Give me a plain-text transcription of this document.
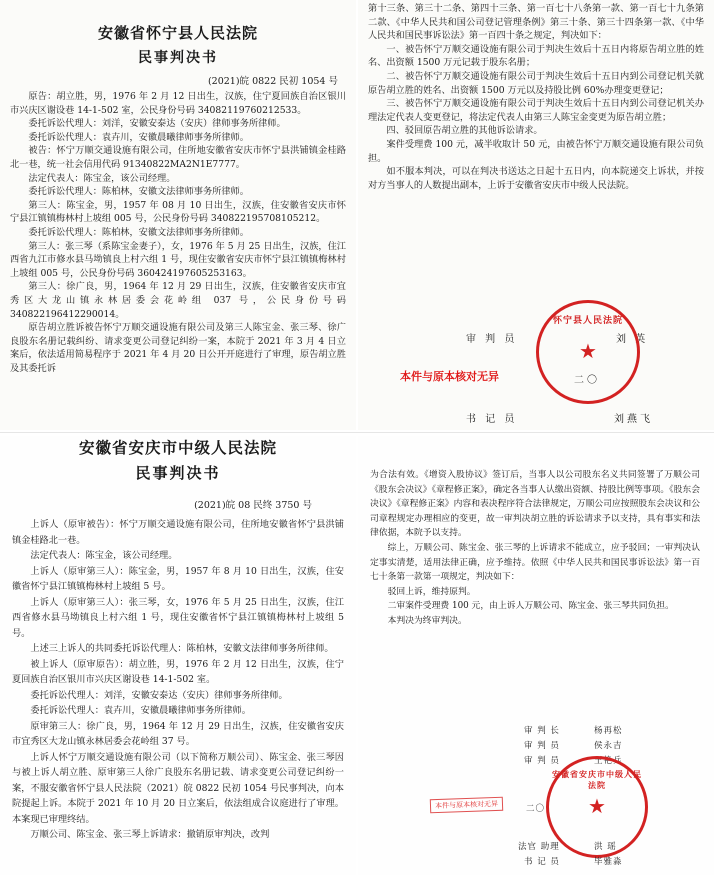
安徽省怀宁县人民法院
民事判决书
(2021)皖 0822 民初 1054 号

原告：胡立胜，男，1976 年 2 月 12 日出生，汉族，住宁夏回族自治区银川市兴庆区谢设巷 14-1-502 室，公民身份号码 34082119760212533。

委托诉讼代理人：刘洋，安徽安泰达（安庆）律师事务所律师。

委托诉讼代理人：袁卉川，安徽晨曦律师事务所律师。

被告：怀宁万顺交通设施有限公司，住所地安徽省安庆市怀宁县洪铺镇金桂路北一巷，统一社会信用代码 91340822MA2N1E7777。

法定代表人：陈宝金，该公司经理。

委托诉讼代理人：陈柏林，安徽文法律师事务所律师。

第三人：陈宝金，男，1957 年 08 月 10 日出生，汉族，住安徽省安庆市怀宁县江镇镇梅林村上坡组 005 号，公民身份号码 340822195708105212。

委托诉讼代理人：陈柏林，安徽文法律师事务所律师。

第三人：张三琴（系陈宝金妻子），女，1976 年 5 月 25 日出生，汉族，住江西省九江市修水县马坳镇良上村六组 1 号，现住安徽省安庆市怀宁县江镇镇梅林村上坡组 005 号，公民身份号码 360424197605253163。

第三人：徐广良，男，1964 年 12 月 29 日出生，汉族，住安徽省安庆市宜秀区大龙山镇永林居委会花岭组 037 号，公民身份号码 340822196412290014。

原告胡立胜诉被告怀宁万顺交通设施有限公司及第三人陈宝金、张三琴、徐广良股东名册记载纠纷、请求变更公司登记纠纷一案，本院于 2021 年 3 月 4 日立案后，依法适用简易程序于 2021 年 4 月 20 日公开开庭进行了审理，原告胡立胜及其委托诉

第十三条、第三十二条、第四十三条、第一百七十八条第一款、第一百七十九条第二款、《中华人民共和国公司登记管理条例》第三十条、第三十四条第一款、《中华人民共和国民事诉讼法》第一百四十条之规定，判决如下：

一、被告怀宁万顺交通设施有限公司于判决生效后十五日内将原告胡立胜的姓名、出资额 1500 万元记载于股东名册；

二、被告怀宁万顺交通设施有限公司于判决生效后十五日内到公司登记机关就原告胡立胜的姓名、出资额 1500 万元以及持股比例 60%办理变更登记；

三、被告怀宁万顺交通设施有限公司于判决生效后十五日内到公司登记机关办理法定代表人变更登记，将法定代表人由第三人陈宝金变更为原告胡立胜；

四、驳回原告胡立胜的其他诉讼请求。

案件受理费 100 元，减半收取计 50 元，由被告怀宁万顺交通设施有限公司负担。

如不服本判决，可以在判决书送达之日起十五日内，向本院递交上诉状，并按对方当事人的人数提出副本，上诉于安徽省安庆市中级人民法院。

审 判 员	刘 英
怀宁县人民法院
★
二〇
本件与原本核对无异
书 记 员	刘燕飞
安徽省安庆市中级人民法院
民事判决书
(2021)皖 08 民终 3750 号

上诉人（原审被告）：怀宁万顺交通设施有限公司，住所地安徽省怀宁县洪铺镇金桂路北一巷。

法定代表人：陈宝金，该公司经理。

上诉人（原审第三人）：陈宝金，男，1957 年 8 月 10 日出生，汉族，住安徽省怀宁县江镇镇梅林村上坡组 5 号。

上诉人（原审第三人）：张三琴，女，1976 年 5 月 25 日出生，汉族，住江西省修水县马坳镇良上村六组 1 号，现住安徽省怀宁县江镇镇梅林村上坡组 5 号。

上述三上诉人的共同委托诉讼代理人：陈柏林，安徽文法律师事务所律师。

被上诉人（原审原告）：胡立胜，男，1976 年 2 月 12 日出生，汉族，住宁夏回族自治区银川市兴庆区谢设巷 14-1-502 室。

委托诉讼代理人：刘洋，安徽安泰达（安庆）律师事务所律师。

委托诉讼代理人：袁卉川，安徽晨曦律师事务所律师。

原审第三人：徐广良，男，1964 年 12 月 29 日出生，汉族，住安徽省安庆市宜秀区大龙山镇永林居委会花岭组 37 号。

上诉人怀宁万顺交通设施有限公司（以下简称万顺公司）、陈宝金、张三琴因与被上诉人胡立胜、原审第三人徐广良股东名册记载、请求变更公司登记纠纷一案，不服安徽省怀宁县人民法院（2021）皖 0822 民初 1054 号民事判决，向本院提起上诉。本院于 2021 年 10 月 20 日立案后，依法组成合议庭进行了审理。本案现已审理终结。

万顺公司、陈宝金、张三琴上诉请求：撤销原审判决，改判

为合法有效。《增资入股协议》签订后，当事人以公司股东名义共同签署了万顺公司《股东会决议》《章程修正案》，确定各当事人认缴出资额、持股比例等事项。《股东会决议》《章程修正案》内容和表决程序符合法律规定，万顺公司应按照股东会决议和公司章程规定办理相应的变更，故一审判决胡立胜的诉讼请求予以支持，具有事实和法律依据，本院予以支持。

综上，万顺公司、陈宝金、张三琴的上诉请求不能成立，应予驳回；一审判决认定事实清楚，适用法律正确，应予维持。依照《中华人民共和国民事诉讼法》第一百七十条第一款第一项规定，判决如下：

驳回上诉，维持原判。

二审案件受理费 100 元，由上诉人万顺公司、陈宝金、张三琴共同负担。

本判决为终审判决。

审 判 长	杨再松
审 判 员	侯永吉
审 判 员	王艳兵
安徽省安庆市中级人民法院
★
本件与原本核对无异	二〇
法官 助理	洪 瑶
书 记 员	毕雅淼
